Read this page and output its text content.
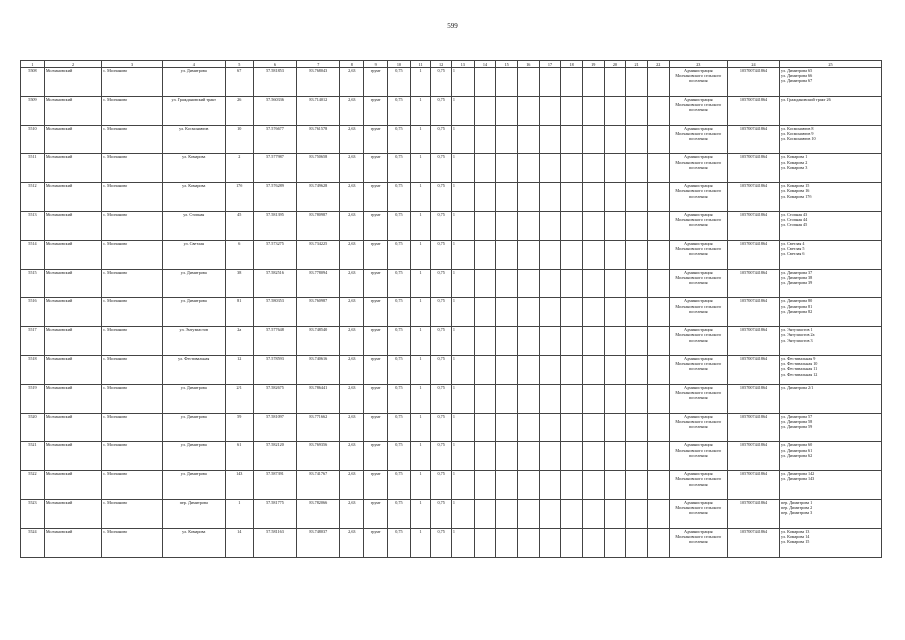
599
1	2	3	4	5	6	7	8	9	10	11	12	13	14	15	16	17	18	19	20	21	22	23	24	25
5508	Молчановский	с. Молчаново	ул. Димитрова	67	57.581853	83.768043	2,63	грунт	0,75	1	0,75	1										Администрация Молчановского сельского поселения	1057007441864	ул. Димитрова 65
ул. Димитрова 66
ул. Димитрова 67

5509	Молчановский	с. Молчаново	ул. Граждановский тракт	26	57.560336	83.714012	2,63	грунт	0,75	1	0,75	1										Администрация Молчановского сельского поселения	1057007441864	ул. Граждановский тракт 26

5510	Молчановский	с. Молчаново	ул. Космонавтов	10	57.576677	83.761578	2,63	грунт	0,75	1	0,75	1										Администрация Молчановского сельского поселения	1057007441864	ул. Космонавтов 8
ул. Космонавтов 9
ул. Космонавтов 10

5511	Молчановский	с. Молчаново	ул. Комарова	2	57.577987	83.750658	2,63	грунт	0,75	1	0,75	1										Администрация Молчановского сельского поселения	1057007441864	ул. Комарова 1
ул. Комарова 2
ул. Комарова 3

5512	Молчановский	с. Молчаново	ул. Комарова	17б	57.576289	83.749628	2,63	грунт	0,75	1	0,75	1										Администрация Молчановского сельского поселения	1057007441864	ул. Комарова 15
ул. Комарова 16
ул. Комарова 17б

5513	Молчановский	с. Молчаново	ул. Стопная	45	57.581395	83.780987	2,63	грунт	0,75	1	0,75	1										Администрация Молчановского сельского поселения	1057007441864	ул. Стопная 43
ул. Стопная 44
ул. Стопная 45

5514	Молчановский	с. Молчаново	ул. Светлая	6	57.573275	83.734225	2,63	грунт	0,75	1	0,75	1										Администрация Молчановского сельского поселения	1057007441864	ул. Светлая 4
ул. Светлая 5
ул. Светлая 6

5515	Молчановский	с. Молчаново	ул. Димитрова	38	57.582516	83.778094	2,63	грунт	0,75	1	0,75	1										Администрация Молчановского сельского поселения	1057007441864	ул. Димитрова 37
ул. Димитрова 38
ул. Димитрова 39

5516	Молчановский	с. Молчаново	ул. Димитрова	81	57.580353	83.760987	2,63	грунт	0,75	1	0,75	1										Администрация Молчановского сельского поселения	1057007441864	ул. Димитрова 80
ул. Димитрова 81
ул. Димитрова 82

5517	Молчановский	с. Молчаново	ул. Энтузиастов	2а	57.577648	83.748540	2,63	грунт	0,75	1	0,75	1										Администрация Молчановского сельского поселения	1057007441864	ул. Энтузиастов 1
ул. Энтузиастов 2а
ул. Энтузиастов 3

5518	Молчановский	с. Молчаново	ул. Фестивальная	12	57.578593	83.740616	2,63	грунт	0,75	1	0,75	1										Администрация Молчановского сельского поселения	1057007441864	ул. Фестивальная 9
ул. Фестивальная 10
ул. Фестивальная 11
ул. Фестивальная 12

5519	Молчановский	с. Молчаново	ул. Димитрова	2/1	57.582675	83.786441	2,63	грунт	0,75	1	0,75	1										Администрация Молчановского сельского поселения	1057007441864	ул. Димитрова 2/1

5520	Молчановский	с. Молчаново	ул. Димитрова	59	57.581097	83.771662	2,63	грунт	0,75	1	0,75	1										Администрация Молчановского сельского поселения	1057007441864	ул. Димитрова 57
ул. Димитрова 58
ул. Димитрова 59

5521	Молчановский	с. Молчаново	ул. Димитрова	61	57.582120	83.769356	2,63	грунт	0,75	1	0,75	1										Администрация Молчановского сельского поселения	1057007441864	ул. Димитрова 60
ул. Димитрова 61
ул. Димитрова 62

5522	Молчановский	с. Молчаново	ул. Димитрова	143	57.587391	83.741767	2,63	грунт	0,75	1	0,75	1										Администрация Молчановского сельского поселения	1057007441864	ул. Димитрова 142
ул. Димитрова 143

5523	Молчановский	с. Молчаново	пер. Димитрова	1	57.581775	83.782066	2,63	грунт	0,75	1	0,75	1										Администрация Молчановского сельского поселения	1057007441864	пер. Димитрова 1
пер. Димитрова 2
пер. Димитрова 3

5524	Молчановский	с. Молчаново	ул. Комарова	14	57.581163	83.748037	2,63	грунт	0,75	1	0,75	1										Администрация Молчановского сельского поселения	1057007441864	ул. Комарова 13
ул. Комарова 14
ул. Комарова 15
